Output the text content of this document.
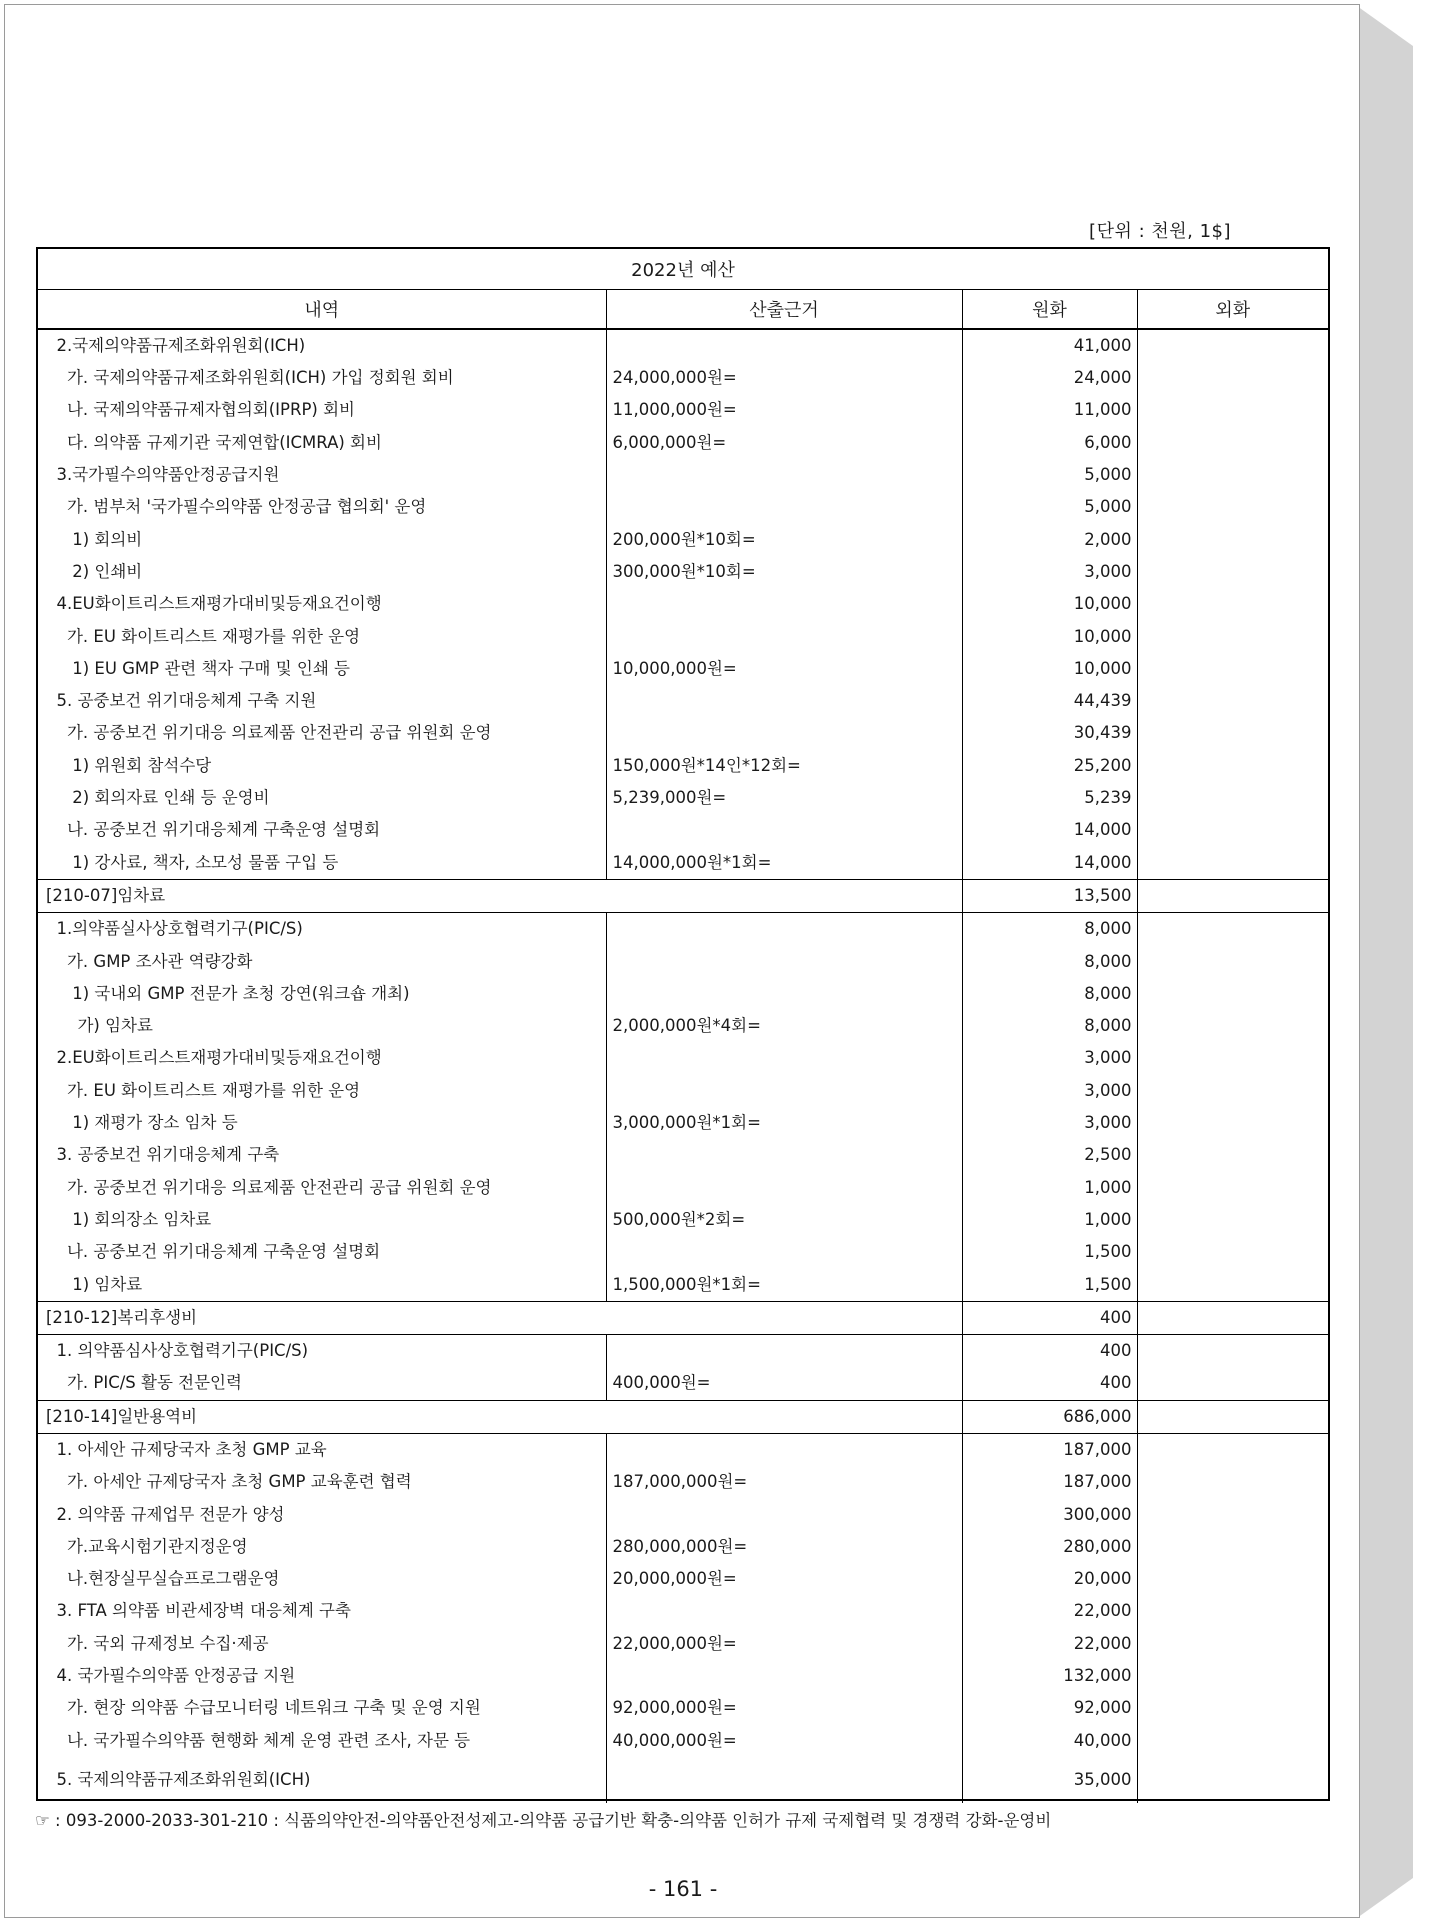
[단위 : 천원, 1$]
2022년 예산			
내역	산출근거	원화	외화
2.국제의약품규제조화위원회(ICH)		41,000	
가. 국제의약품규제조화위원회(ICH) 가입 정회원 회비	24,000,000원=	24,000	
나. 국제의약품규제자협의회(IPRP) 회비	11,000,000원=	11,000	
다. 의약품 규제기관 국제연합(ICMRA) 회비	6,000,000원=	6,000	
3.국가필수의약품안정공급지원		5,000	
가. 범부처 '국가필수의약품 안정공급 협의회' 운영		5,000	
1) 회의비	200,000원*10회=	2,000	
2) 인쇄비	300,000원*10회=	3,000	
4.EU화이트리스트재평가대비및등재요건이행		10,000	
가. EU 화이트리스트 재평가를 위한 운영		10,000	
1) EU GMP 관련 책자 구매 및 인쇄 등	10,000,000원=	10,000	
5. 공중보건 위기대응체계 구축 지원		44,439	
가. 공중보건 위기대응 의료제품 안전관리 공급 위원회 운영		30,439	
1) 위원회 참석수당	150,000원*14인*12회=	25,200	
2) 회의자료 인쇄 등 운영비	5,239,000원=	5,239	
나. 공중보건 위기대응체계 구축운영 설명회		14,000	
1) 강사료, 책자, 소모성 물품 구입 등	14,000,000원*1회=	14,000	
[210-07]임차료		13,500	
1.의약품실사상호협력기구(PIC/S)		8,000	
가. GMP 조사관 역량강화		8,000	
1) 국내외 GMP 전문가 초청 강연(워크숍 개최)		8,000	
가) 임차료	2,000,000원*4회=	8,000	
2.EU화이트리스트재평가대비및등재요건이행		3,000	
가. EU 화이트리스트 재평가를 위한 운영		3,000	
1) 재평가 장소 임차 등	3,000,000원*1회=	3,000	
3. 공중보건 위기대응체계 구축		2,500	
가. 공중보건 위기대응 의료제품 안전관리 공급 위원회 운영		1,000	
1) 회의장소 임차료	500,000원*2회=	1,000	
나. 공중보건 위기대응체계 구축운영 설명회		1,500	
1) 임차료	1,500,000원*1회=	1,500	
[210-12]복리후생비		400	
1. 의약품심사상호협력기구(PIC/S)		400	
가. PIC/S 활동 전문인력	400,000원=	400	
[210-14]일반용역비		686,000	
1. 아세안 규제당국자 초청 GMP 교육		187,000	
가. 아세안 규제당국자 초청 GMP 교육훈련 협력	187,000,000원=	187,000	
2. 의약품 규제업무 전문가 양성		300,000	
가.교육시험기관지정운영	280,000,000원=	280,000	
나.현장실무실습프로그램운영	20,000,000원=	20,000	
3. FTA 의약품 비관세장벽 대응체계 구축		22,000	
가. 국외 규제정보 수집·제공	22,000,000원=	22,000	
4. 국가필수의약품 안정공급 지원		132,000	
가. 현장 의약품 수급모니터링 네트워크 구축 및 운영 지원	92,000,000원=	92,000	
나. 국가필수의약품 현행화 체계 운영 관련 조사, 자문 등	40,000,000원=	40,000	
5. 국제의약품규제조화위원회(ICH)		35,000	
☞ : 093-2000-2033-301-210 : 식품의약안전-의약품안전성제고-의약품 공급기반 확충-의약품 인허가 규제 국제협력 및 경쟁력 강화-운영비
- 161 -
